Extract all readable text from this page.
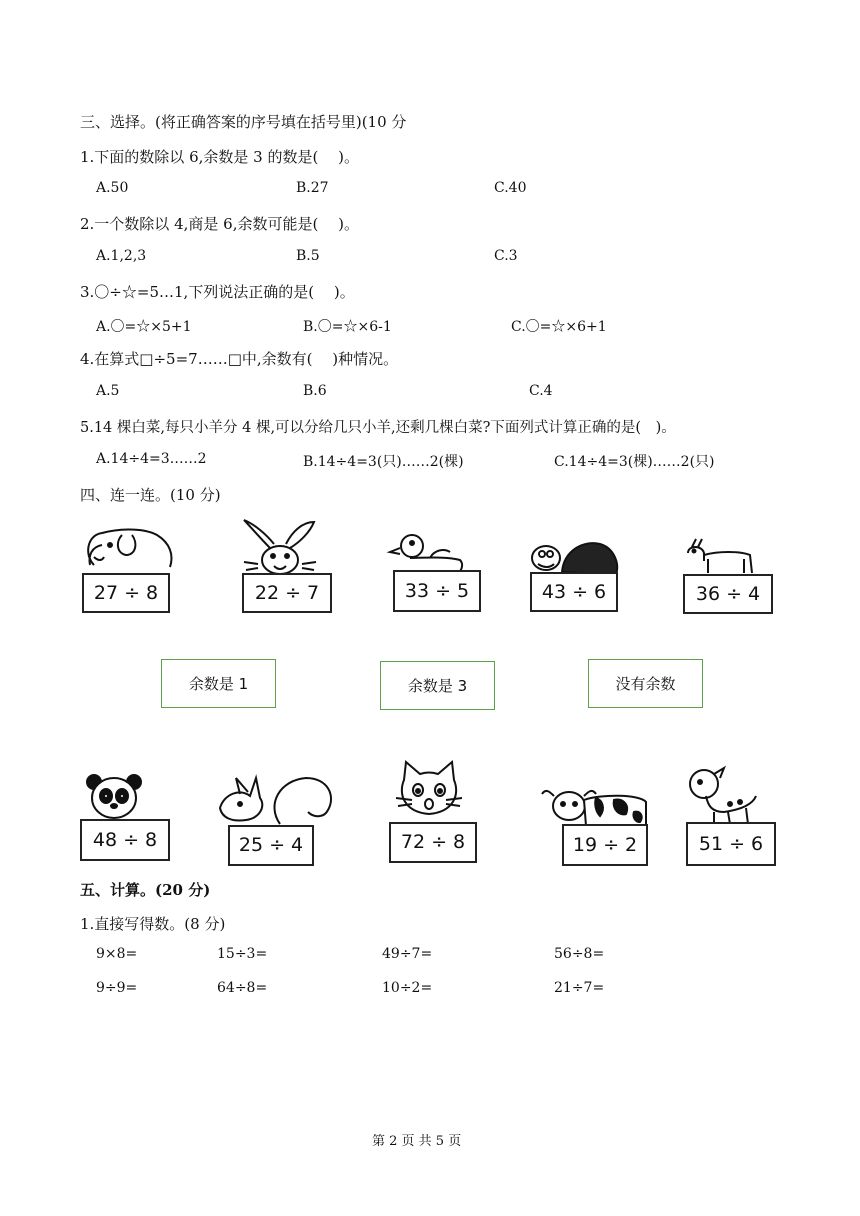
三、选择。(将正确答案的序号填在括号里)(10 分
1.下面的数除以 6,余数是 3 的数是(　 )。
A.50	B.27	C.40
2.一个数除以 4,商是 6,余数可能是(　 )。
A.1,2,3	B.5	C.3
3.〇÷☆=5…1,下列说法正确的是(　 )。
A.〇=☆×5+1	B.〇=☆×6-1	C.〇=☆×6+1
4.在算式□÷5=7……□中,余数有(　 )种情况。
A.5	B.6	C.4
5.14 棵白菜,每只小羊分 4 棵,可以分给几只小羊,还剩几棵白菜?下面列式计算正确的是(　)。
A.14÷4=3……2	B.14÷4=3(只)……2(棵)	C.14÷4=3(棵)……2(只)
四、连一连。(10 分)
27 ÷ 8	22 ÷ 7	33 ÷ 5	43 ÷ 6	36 ÷ 4
余数是 1	余数是 3	没有余数
48 ÷ 8	25 ÷ 4	72 ÷ 8	19 ÷ 2	51 ÷ 6
五、计算。(20 分)
1.直接写得数。(8 分)
9×8=	15÷3=	49÷7=	56÷8=
9÷9=	64÷8=	10÷2=	21÷7=
第 2 页 共 5 页
